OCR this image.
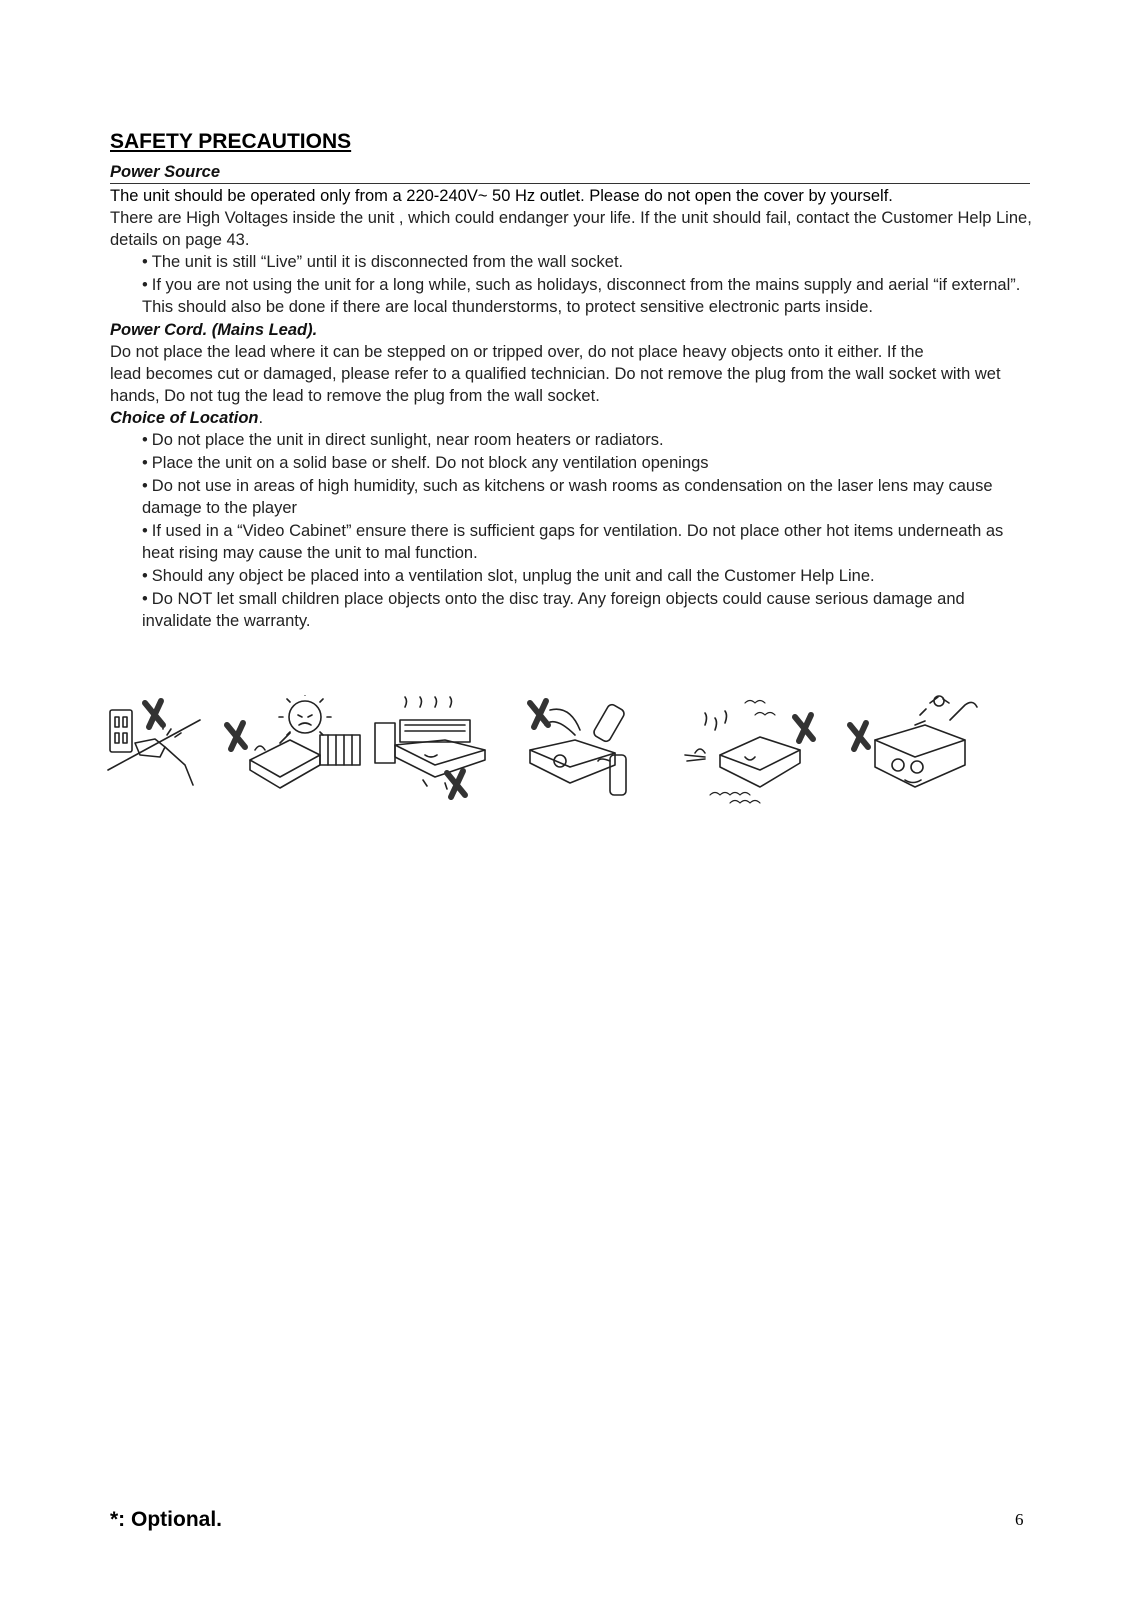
SAFETY PRECAUTIONS
Power Source

The unit should be operated only from a 220-240V~ 50 Hz outlet. Please do not open the cover by yourself.

There are High Voltages inside the unit , which could endanger your life. If the unit should fail, contact the Customer Help Line, details on page 43.

• The unit is still “Live” until it is disconnected from the wall socket.
• If you are not using the unit for a long while, such as holidays, disconnect from the mains supply and aerial “if external”. This should also be done if there are local thunderstorms, to protect sensitive electronic parts inside.

Power Cord. (Mains Lead).

Do not place the lead where it can be stepped on or tripped over, do not place heavy objects onto it either. If the

lead becomes cut or damaged, please refer to a qualified technician. Do not remove the plug from the wall socket with wet hands, Do not tug the lead to remove the plug from the wall socket.

Choice of Location.

• Do not place the unit in direct sunlight, near room heaters or radiators.
• Place the unit on a solid base or shelf. Do not block any ventilation openings
• Do not use in areas of high humidity, such as kitchens or wash rooms as condensation on the laser lens may cause damage to the player
• If used in a “Video Cabinet” ensure there is sufficient gaps for ventilation. Do not place other hot items underneath as heat rising may cause the unit to mal function.
• Should any object be placed into a ventilation slot, unplug the unit and call the Customer Help Line.
• Do NOT let small children place objects onto the disc tray. Any foreign objects could cause serious damage and invalidate the warranty.
*: Optional.	6
